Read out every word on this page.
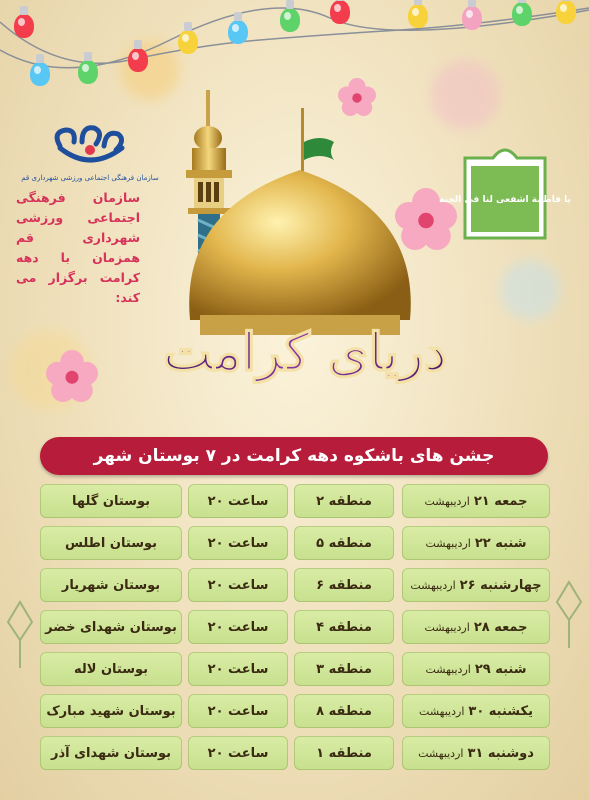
سازمان فرهنگی اجتماعی ورزشی شهرداری قم
سازمان فرهنگی اجتماعی ورزشی شهرداری قم همزمان با دهه کرامت برگزار می کند:
یا فاطمة اشفعی لنا فی الجنة
دریای کرامت
جشن های باشکوه دهه کرامت در ۷ بوستان شهر
جمعه ۲۱
اردیبهشت
منطقه ۲
ساعت ۲۰
بوستان گلها
شنبه ۲۲
اردیبهشت
منطقه ۵
ساعت ۲۰
بوستان اطلس
چهارشنبه ۲۶
اردیبهشت
منطقه ۶
ساعت ۲۰
بوستان شهریار
جمعه ۲۸
اردیبهشت
منطقه ۴
ساعت ۲۰
بوستان شهدای خضر
شنبه ۲۹
اردیبهشت
منطقه ۳
ساعت ۲۰
بوستان لاله
یکشنبه ۳۰
اردیبهشت
منطقه ۸
ساعت ۲۰
بوستان شهید مبارک
دوشنبه ۳۱
اردیبهشت
منطقه ۱
ساعت ۲۰
بوستان شهدای آذر
